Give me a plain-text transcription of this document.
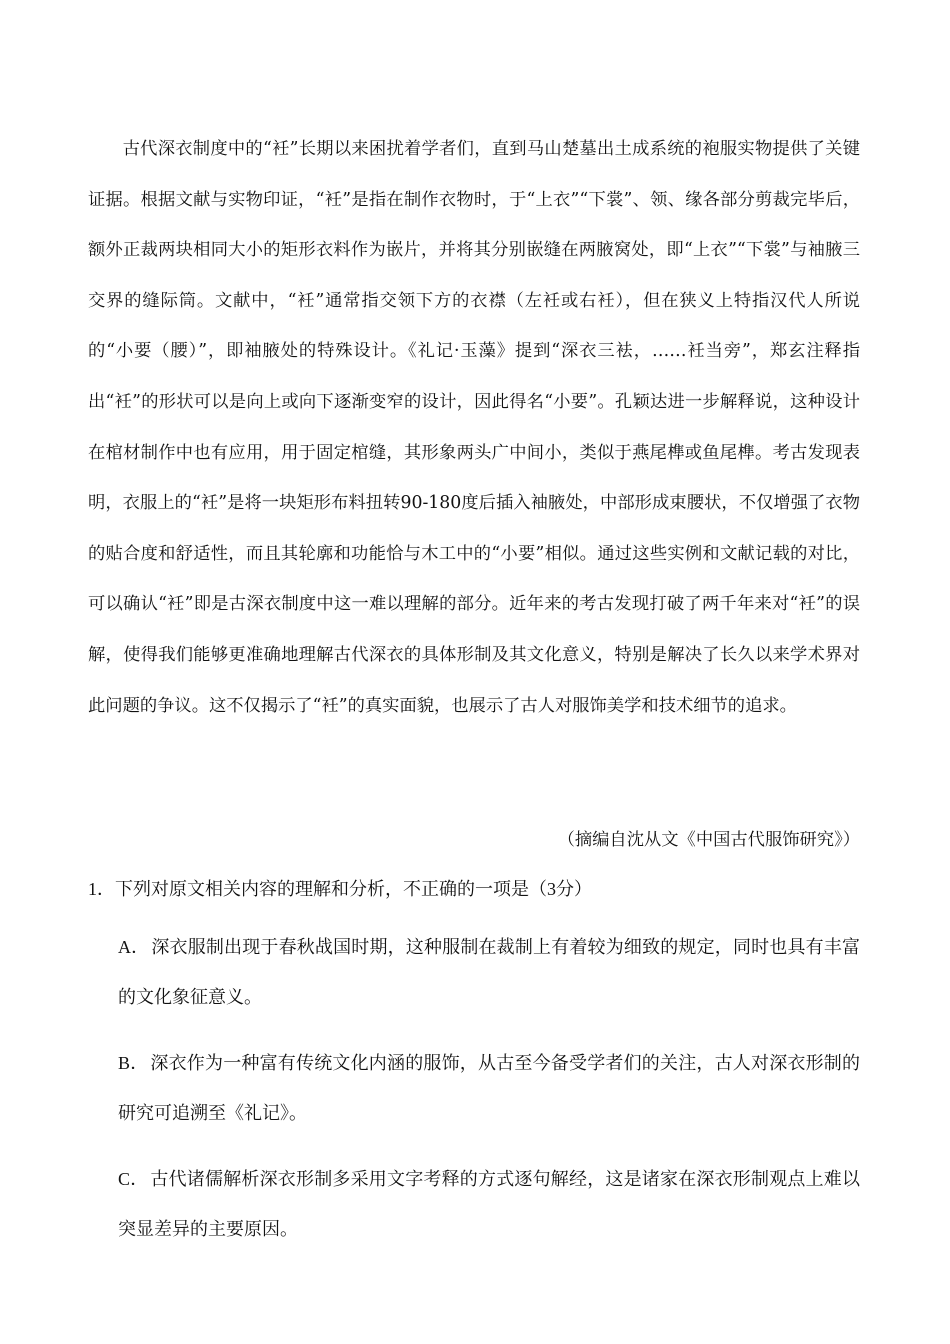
古代深衣制度中的“衽”长期以来困扰着学者们，直到马山楚墓出土成系统的袍服实物提供了关键证据。根据文献与实物印证，“衽”是指在制作衣物时，于“上衣”“下裳”、领、缘各部分剪裁完毕后，额外正裁两块相同大小的矩形衣料作为嵌片，并将其分别嵌缝在两腋窝处，即“上衣”“下裳”与袖腋三交界的缝际筒。文献中，“衽”通常指交领下方的衣襟（左衽或右衽），但在狭义上特指汉代人所说的“小要（腰）”，即袖腋处的特殊设计。《礼记·玉藻》提到“深衣三袪，……衽当旁”，郑玄注释指出“衽”的形状可以是向上或向下逐渐变窄的设计，因此得名“小要”。孔颖达进一步解释说，这种设计在棺材制作中也有应用，用于固定棺缝，其形象两头广中间小，类似于燕尾榫或鱼尾榫。考古发现表明，衣服上的“衽”是将一块矩形布料扭转90-180度后插入袖腋处，中部形成束腰状，不仅增强了衣物的贴合度和舒适性，而且其轮廓和功能恰与木工中的“小要”相似。通过这些实例和文献记载的对比，可以确认“衽”即是古深衣制度中这一难以理解的部分。近年来的考古发现打破了两千年来对“衽”的误解，使得我们能够更准确地理解古代深衣的具体形制及其文化意义，特别是解决了长久以来学术界对此问题的争议。这不仅揭示了“衽”的真实面貌，也展示了古人对服饰美学和技术细节的追求。

（摘编自沈从文《中国古代服饰研究》）

1．下列对原文相关内容的理解和分析，不正确的一项是（3分）

A． 深衣服制出现于春秋战国时期，这种服制在裁制上有着较为细致的规定，同时也具有丰富的文化象征意义。

B． 深衣作为一种富有传统文化内涵的服饰，从古至今备受学者们的关注，古人对深衣形制的研究可追溯至《礼记》。

C． 古代诸儒解析深衣形制多采用文字考释的方式逐句解经，这是诸家在深衣形制观点上难以突显差异的主要原因。
